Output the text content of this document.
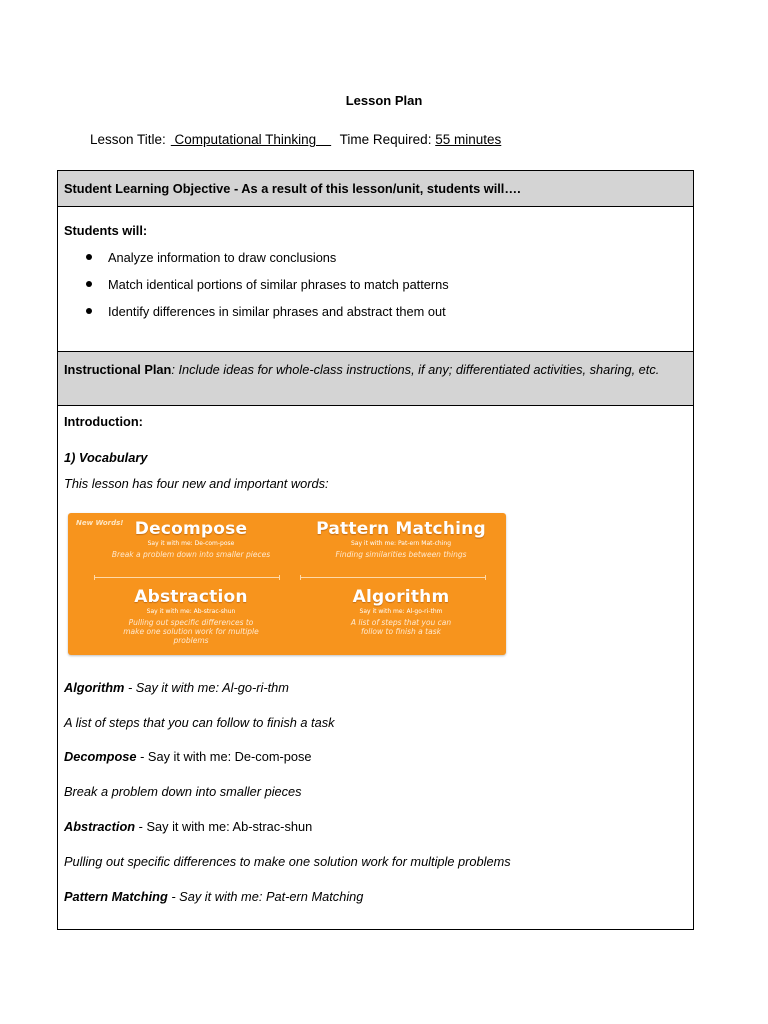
Lesson Plan
Lesson Title: Computational Thinking     Time Required: 55 minutes
Student Learning Objective - As a result of this lesson/unit, students will….
Students will:
Analyze information to draw conclusions
Match identical portions of similar phrases to match patterns
Identify differences in similar phrases and abstract them out
Instructional Plan: Include ideas for whole-class instructions, if any; differentiated activities, sharing, etc.
Introduction:
1) Vocabulary
This lesson has four new and important words:
New Words! Decompose
Say it with me: De-com-pose
Break a problem down into smaller pieces
Pattern Matching
Say it with me: Pat-ern Mat-ching
Finding similarities between things
Abstraction
Say it with me: Ab-strac-shun
Pulling out specific differences to make one solution work for multiple problems
Algorithm
Say it with me: Al-go-ri-thm
A list of steps that you can follow to finish a task
Algorithm - Say it with me: Al-go-ri-thm
A list of steps that you can follow to finish a task
Decompose - Say it with me: De-com-pose
Break a problem down into smaller pieces
Abstraction - Say it with me: Ab-strac-shun
Pulling out specific differences to make one solution work for multiple problems
Pattern Matching - Say it with me: Pat-ern Matching
